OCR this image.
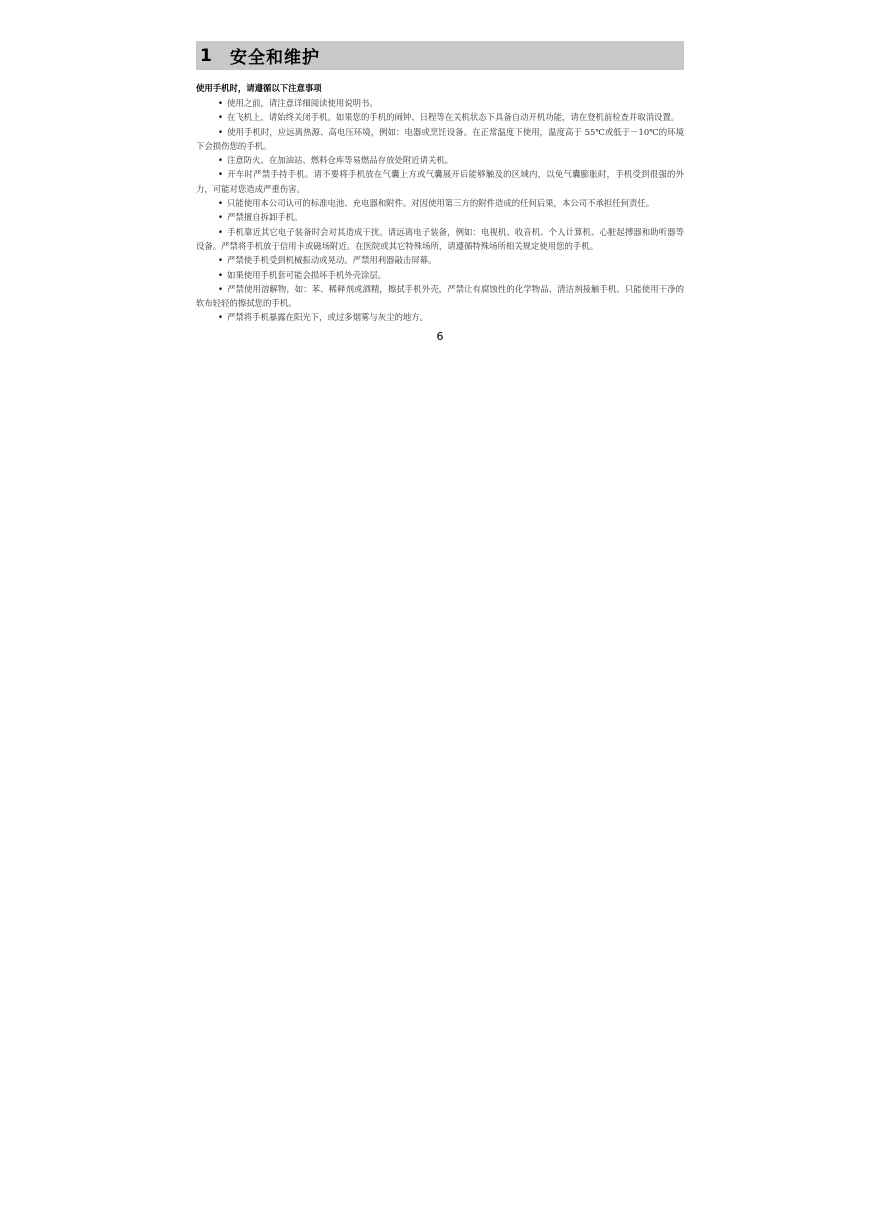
1	安全和维护
使用手机时，请遵循以下注意事项
• 使用之前，请注意详细阅读使用说明书。
• 在飞机上，请始终关闭手机。如果您的手机的闹钟、日程等在关机状态下具备自动开机功能，请在登机前检查并取消设置。
• 使用手机时，应远离热源、高电压环境，例如：电器或烹饪设备。在正常温度下使用，温度高于 55℃或低于－10℃的环境下会损伤您的手机。
• 注意防火。在加油站、燃料仓库等易燃品存放处附近请关机。
• 开车时严禁手持手机。请不要将手机放在气囊上方或气囊展开后能够触及的区域内，以免气囊膨胀时，手机受到很强的外力，可能对您造成严重伤害。
• 只能使用本公司认可的标准电池、充电器和附件。对因使用第三方的附件造成的任何后果，本公司不承担任何责任。
• 严禁擅自拆卸手机。
• 手机靠近其它电子装备时会对其造成干扰。请远离电子装备，例如：电视机、收音机、个人计算机、心脏起搏器和助听器等设备。严禁将手机放于信用卡或磁场附近。在医院或其它特殊场所，请遵循特殊场所相关规定使用您的手机。
• 严禁使手机受到机械振动或晃动。严禁用利器敲击屏幕。
• 如果使用手机套可能会损坏手机外壳涂层。
• 严禁使用溶解物，如：苯、稀释剂或酒精，擦拭手机外壳，严禁让有腐蚀性的化学物品、清洁剂接触手机。只能使用干净的软布轻轻的擦拭您的手机。
• 严禁将手机暴露在阳光下，或过多烟雾与灰尘的地方。
6
